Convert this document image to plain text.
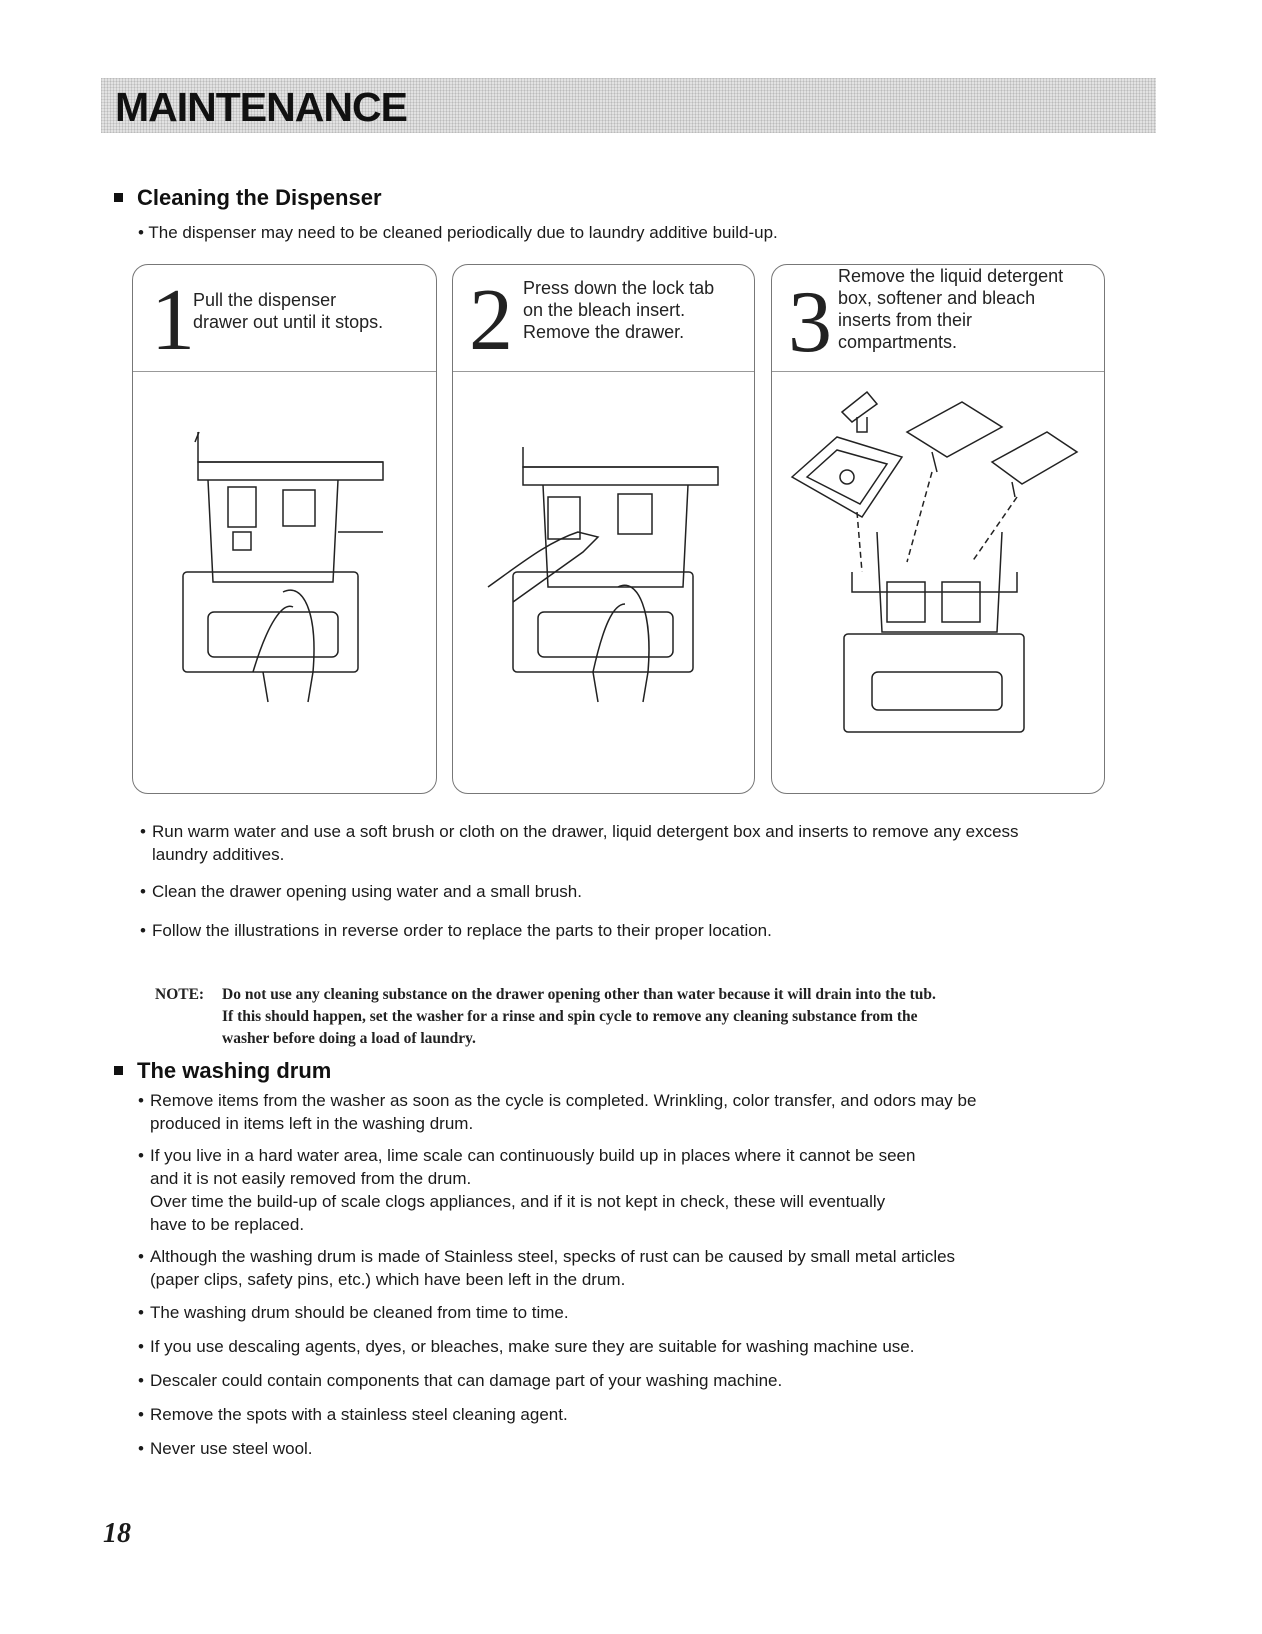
MAINTENANCE
Cleaning the Dispenser

• The dispenser may need to be cleaned periodically due to laundry additive build-up.

1

Pull the dispenser
drawer out until it stops. 2 Press down the lock tab
on the bleach insert.
Remove the drawer.	3 Remove the liquid detergent
box, softener and bleach
inserts from their
compartments.

• Run warm water and use a soft brush or cloth on the drawer, liquid detergent box and inserts to remove any excess
laundry additives.
• Clean the drawer opening using water and a small brush.
• Follow the illustrations in reverse order to replace the parts to their proper location.

NOTE: Do not use any cleaning substance on the drawer opening other than water because it will drain into the tub.
If this should happen, set the washer for a rinse and spin cycle to remove any cleaning substance from the
washer before doing a load of laundry.

The washing drum
• Remove items from the washer as soon as the cycle is completed. Wrinkling, color transfer, and odors may be
produced in items left in the washing drum.
• If you live in a hard water area, lime scale can continuously build up in places where it cannot be seen
and it is not easily removed from the drum.
Over time the build-up of scale clogs appliances, and if it is not kept in check, these will eventually
have to be replaced.
• Although the washing drum is made of Stainless steel, specks of rust can be caused by small metal articles
(paper clips, safety pins, etc.) which have been left in the drum.
• The washing drum should be cleaned from time to time.
• If you use descaling agents, dyes, or bleaches, make sure they are suitable for washing machine use.
• Descaler could contain components that can damage part of your washing machine.
• Remove the spots with a stainless steel cleaning agent.
• Never use steel wool.

18
